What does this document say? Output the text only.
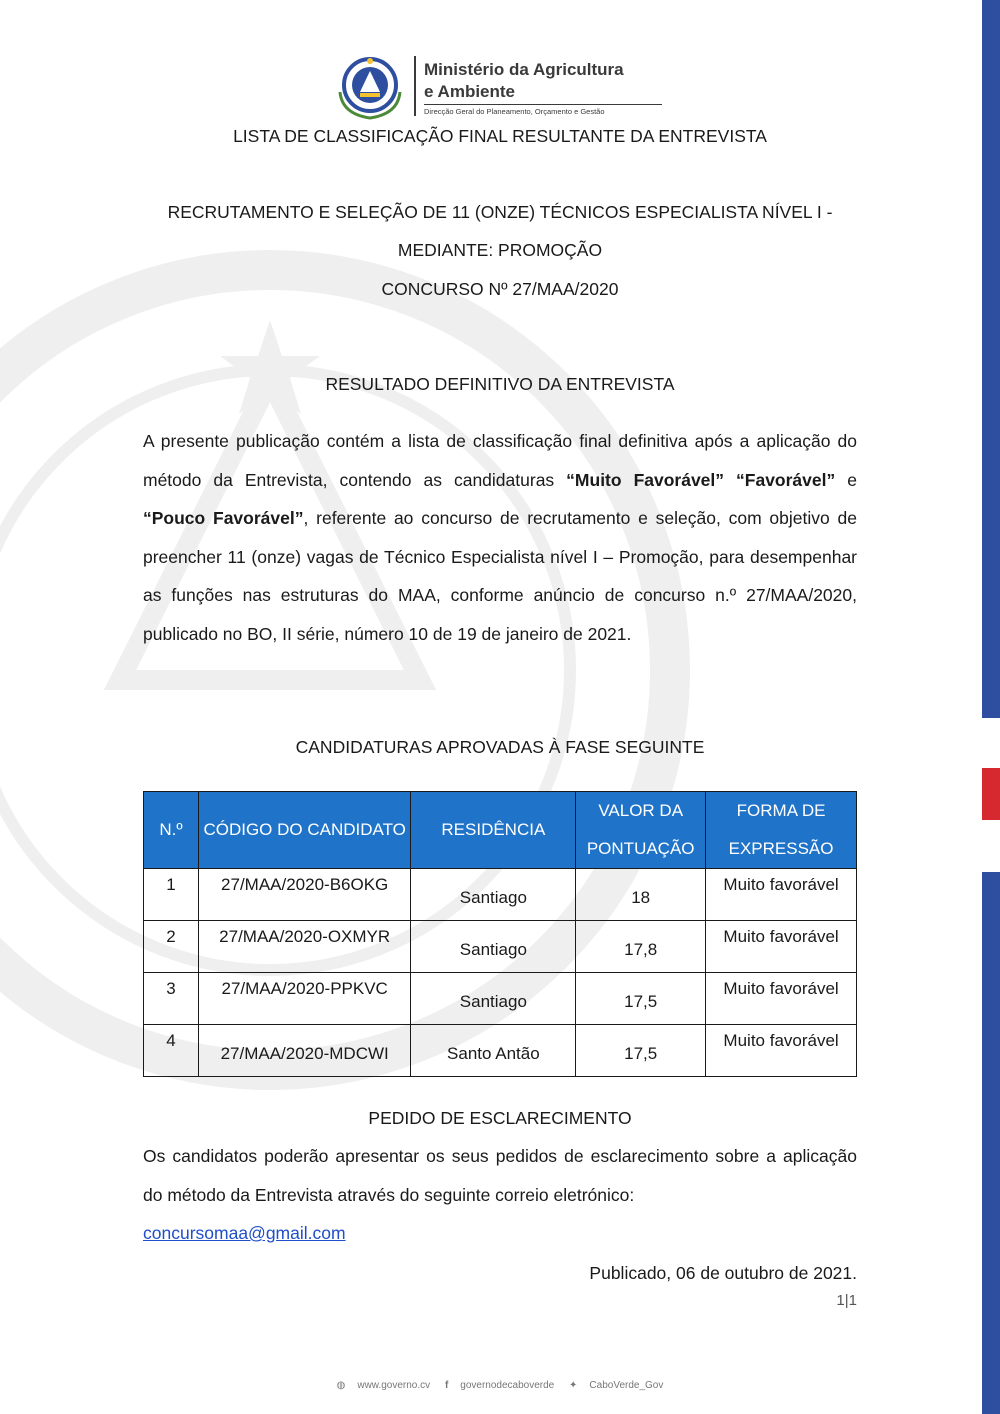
Ministério da Agricultura
e Ambiente
Direcção Geral do Planeamento, Orçamento e Gestão
LISTA DE CLASSIFICAÇÃO FINAL RESULTANTE DA ENTREVISTA
RECRUTAMENTO E SELEÇÃO DE 11 (ONZE) TÉCNICOS ESPECIALISTA NÍVEL I -
MEDIANTE: PROMOÇÃO
CONCURSO Nº 27/MAA/2020
RESULTADO DEFINITIVO DA ENTREVISTA
A presente publicação contém a lista de classificação final definitiva após a aplicação do método da Entrevista, contendo as candidaturas “Muito Favorável” “Favorável” e “Pouco Favorável”, referente ao concurso de recrutamento e seleção, com objetivo de preencher 11 (onze) vagas de Técnico Especialista nível I – Promoção, para desempenhar as funções nas estruturas do MAA, conforme anúncio de concurso n.º 27/MAA/2020, publicado no BO, II série, número 10 de 19 de janeiro de 2021.
CANDIDATURAS APROVADAS À FASE SEGUINTE
N.º	CÓDIGO DO CANDIDATO	RESIDÊNCIA	VALOR DA PONTUAÇÃO	FORMA DE EXPRESSÃO
1	27/MAA/2020-B6OKG	Santiago	18	Muito favorável
2	27/MAA/2020-OXMYR	Santiago	17,8	Muito favorável
3	27/MAA/2020-PPKVC	Santiago	17,5	Muito favorável
4	27/MAA/2020-MDCWI	Santo Antão	17,5	Muito favorável
PEDIDO DE ESCLARECIMENTO
Os candidatos poderão apresentar os seus pedidos de esclarecimento sobre a aplicação do método da Entrevista através do seguinte correio eletrónico:
concursomaa@gmail.com
Publicado, 06 de outubro de 2021.
1|1
◍ www.governo.cv f governodecaboverde ✦ CaboVerde_Gov
